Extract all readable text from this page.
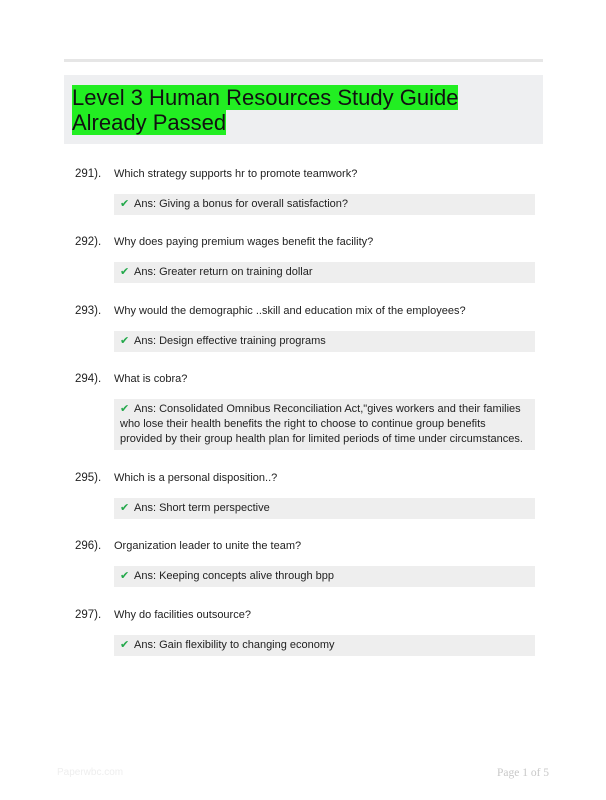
Level 3 Human Resources Study Guide Already Passed
291). Which strategy supports hr to promote teamwork?
✔ Ans: Giving a bonus for overall satisfaction?
292). Why does paying premium wages benefit the facility?
✔ Ans: Greater return on training dollar
293). Why would the demographic ..skill and education mix of the employees?
✔ Ans: Design effective training programs
294). What is cobra?
✔ Ans: Consolidated Omnibus Reconciliation Act,"gives workers and their families who lose their health benefits the right to choose to continue group benefits provided by their group health plan for limited periods of time under circumstances.
295). Which is a personal disposition..?
✔ Ans: Short term perspective
296). Organization leader to unite the team?
✔ Ans: Keeping concepts alive through bpp
297). Why do facilities outsource?
✔ Ans: Gain flexibility to changing economy
Paperwbc.com	Page 1 of 5
